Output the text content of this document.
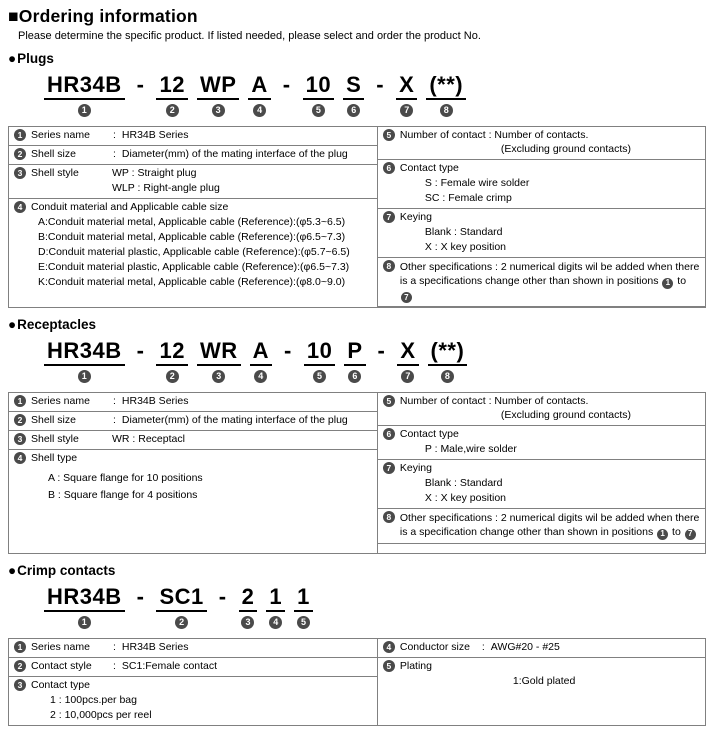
■Ordering information

Please determine the specific product. If listed needed, please select and order the product No.

●Plugs
HR34B
1
- 12
2
WP
3
A
4
- 10
5
S
6
- X
7
(**)
8
1 Series name	: HR34B Series
2 Shell size	: Diameter(mm) of the mating interface of the plug
3 Shell style	WP : Straight plug
WLP : Right-angle plug
4 Conduit material and Applicable cable size
A:Conduit material metal, Applicable cable (Reference):(φ5.3~6.5)
B:Conduit material metal, Applicable cable (Reference):(φ6.5~7.3)
D:Conduit material plastic, Applicable cable (Reference):(φ5.7~6.5)
E:Conduit material plastic, Applicable cable (Reference):(φ6.5~7.3)
K:Conduit material metal, Applicable cable (Reference):(φ8.0~9.0)
5 Number of contact : Number of contacts.
(Excluding ground contacts)
6 Contact type
S : Female wire solder
SC : Female crimp
7 Keying
Blank : Standard
X : X key position
8 Other specifications : 2 numerical digits wil be added when there is a specifications change other than shown in positions 1 to 7
●Receptacles
HR34B
1
- 12
2
WR
3
A
4
- 10
5
P
6
- X
7
(**)
8
1 Series name	: HR34B Series
2 Shell size	: Diameter(mm) of the mating interface of the plug
3 Shell style	WR : Receptacl
4 Shell type
A : Square flange for 10 positions
B : Square flange for 4 positions
5 Number of contact : Number of contacts.
(Excluding ground contacts)
6 Contact type
P : Male,wire solder
7 Keying
Blank : Standard
X : X key position
8 Other specifications : 2 numerical digits wil be added when there is a specification change other than shown in positions 1 to 7
●Crimp contacts
HR34B
1
- SC1
2
- 2
3
1
4
1
5
1 Series name	: HR34B Series
2 Contact style	: SC1:Female contact
3 Contact type
1 : 100pcs.per bag
2 : 10,000pcs per reel
4 Conductor size	: AWG#20 - #25
5 Plating
1:Gold plated
